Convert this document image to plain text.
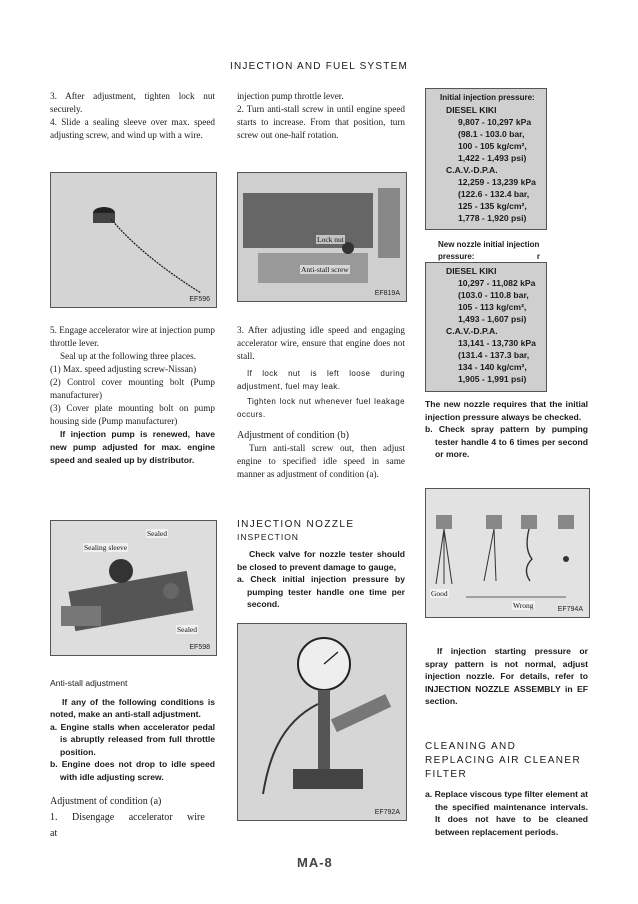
INJECTION AND FUEL SYSTEM

3. After adjustment, tighten lock nut securely.

4. Slide a sealing sleeve over max. speed adjusting screw, and wind up with a wire.

EF596

5. Engage accelerator wire at injection pump throttle lever.

Seal up at the following three places.

(1) Max. speed adjusting screw-Nissan)

(2) Control cover mounting bolt (Pump manufacturer)

(3) Cover plate mounting bolt on pump housing side (Pump manufacturer)

If injection pump is renewed, have new pump adjusted for max. engine speed and sealed up by distributor.

Sealed
Sealing sleeve
Sealed
EF598

Anti-stall adjustment

If any of the following conditions is noted, make an anti-stall adjustment.

a. Engine stalls when accelerator pedal is abruptly released from full throttle position.

b. Engine does not drop to idle speed with idle adjusting screw.

Adjustment of condition (a)

1. Disengage accelerator wire at

injection pump throttle lever.

2. Turn anti-stall screw in until engine speed starts to increase. From that position, turn screw out one-half rotation.

Lock nut
Anti-stall screw
EF819A

3. After adjusting idle speed and engaging accelerator wire, ensure that engine does not stall.

If lock nut is left loose during adjustment, fuel may leak.

Tighten lock nut whenever fuel leakage occurs.

Adjustment of condition (b)

Turn anti-stall screw out, then adjust engine to specified idle speed in same manner as adjustment of condition (a).

INJECTION NOZZLE

INSPECTION

Check valve for nozzle tester should be closed to prevent damage to gauge,

a. Check initial injection pressure by pumping tester handle one time per second.

EF792A
Initial injection pressure:
DIESEL KIKI
9,807 - 10,297 kPa
(98.1 - 103.0 bar,
100 - 105 kg/cm²,
1,422 - 1,493 psi)
C.A.V.-D.P.A.
12,259 - 13,239 kPa
(122.6 - 132.4 bar,
125 - 135 kg/cm²,
1,778 - 1,920 psi)
New nozzle initial injection pressure:	r
DIESEL KIKI
10,297 - 11,082 kPa
(103.0 - 110.8 bar,
105 - 113 kg/cm²,
1,493 - 1,607 psi)
C.A.V.-D.P.A.
13,141 - 13,730 kPa
(131.4 - 137.3 bar,
134 - 140 kg/cm²,
1,905 - 1,991 psi)

The new nozzle requires that the initial injection pressure always be checked.

b. Check spray pattern by pumping tester handle 4 to 6 times per second or more.

Good
Wrong	EF794A

If injection starting pressure or spray pattern is not normal, adjust injection nozzle. For details, refer to INJECTION NOZZLE ASSEMBLY in EF section.

CLEANING AND REPLACING AIR CLEANER FILTER

a. Replace viscous type filter element at the specified maintenance intervals. It does not have to be cleaned between replacement periods.

MA-8
